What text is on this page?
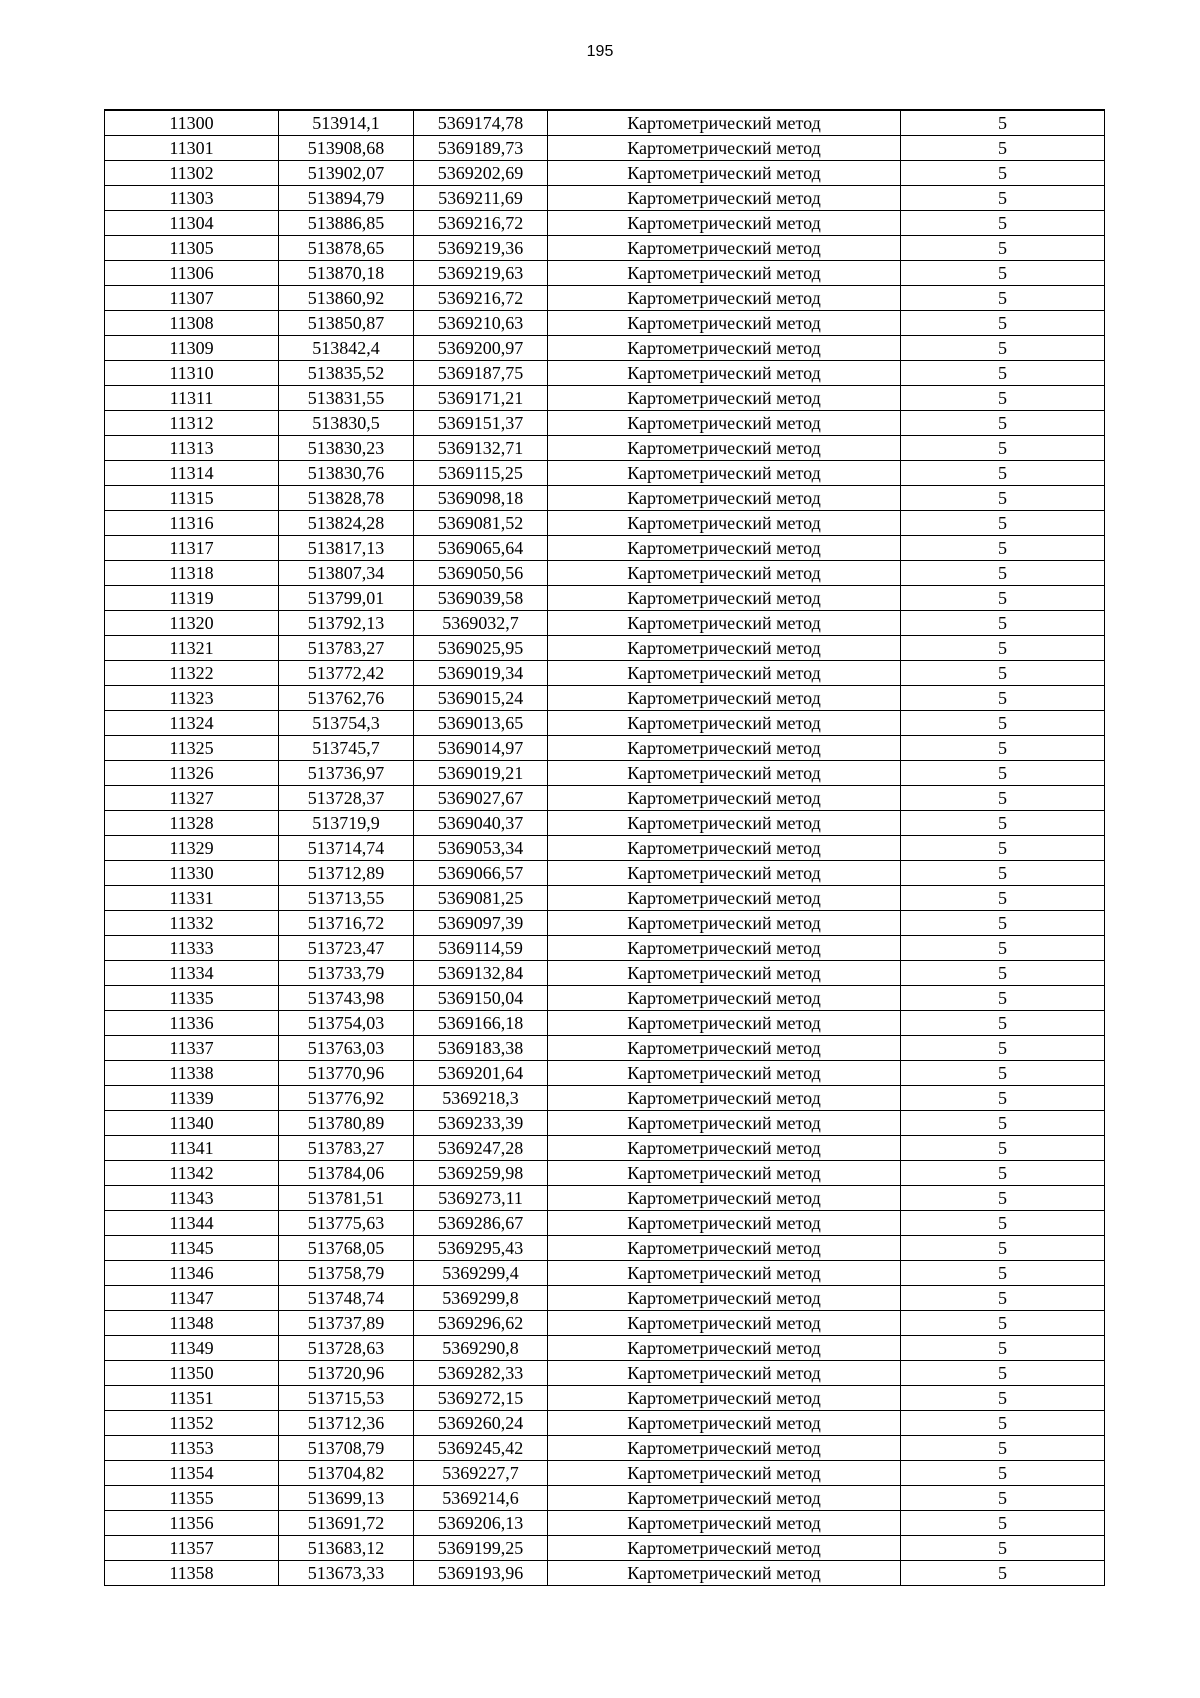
195
11300	513914,1	5369174,78	Картометрический метод	5
11301	513908,68	5369189,73	Картометрический метод	5
11302	513902,07	5369202,69	Картометрический метод	5
11303	513894,79	5369211,69	Картометрический метод	5
11304	513886,85	5369216,72	Картометрический метод	5
11305	513878,65	5369219,36	Картометрический метод	5
11306	513870,18	5369219,63	Картометрический метод	5
11307	513860,92	5369216,72	Картометрический метод	5
11308	513850,87	5369210,63	Картометрический метод	5
11309	513842,4	5369200,97	Картометрический метод	5
11310	513835,52	5369187,75	Картометрический метод	5
11311	513831,55	5369171,21	Картометрический метод	5
11312	513830,5	5369151,37	Картометрический метод	5
11313	513830,23	5369132,71	Картометрический метод	5
11314	513830,76	5369115,25	Картометрический метод	5
11315	513828,78	5369098,18	Картометрический метод	5
11316	513824,28	5369081,52	Картометрический метод	5
11317	513817,13	5369065,64	Картометрический метод	5
11318	513807,34	5369050,56	Картометрический метод	5
11319	513799,01	5369039,58	Картометрический метод	5
11320	513792,13	5369032,7	Картометрический метод	5
11321	513783,27	5369025,95	Картометрический метод	5
11322	513772,42	5369019,34	Картометрический метод	5
11323	513762,76	5369015,24	Картометрический метод	5
11324	513754,3	5369013,65	Картометрический метод	5
11325	513745,7	5369014,97	Картометрический метод	5
11326	513736,97	5369019,21	Картометрический метод	5
11327	513728,37	5369027,67	Картометрический метод	5
11328	513719,9	5369040,37	Картометрический метод	5
11329	513714,74	5369053,34	Картометрический метод	5
11330	513712,89	5369066,57	Картометрический метод	5
11331	513713,55	5369081,25	Картометрический метод	5
11332	513716,72	5369097,39	Картометрический метод	5
11333	513723,47	5369114,59	Картометрический метод	5
11334	513733,79	5369132,84	Картометрический метод	5
11335	513743,98	5369150,04	Картометрический метод	5
11336	513754,03	5369166,18	Картометрический метод	5
11337	513763,03	5369183,38	Картометрический метод	5
11338	513770,96	5369201,64	Картометрический метод	5
11339	513776,92	5369218,3	Картометрический метод	5
11340	513780,89	5369233,39	Картометрический метод	5
11341	513783,27	5369247,28	Картометрический метод	5
11342	513784,06	5369259,98	Картометрический метод	5
11343	513781,51	5369273,11	Картометрический метод	5
11344	513775,63	5369286,67	Картометрический метод	5
11345	513768,05	5369295,43	Картометрический метод	5
11346	513758,79	5369299,4	Картометрический метод	5
11347	513748,74	5369299,8	Картометрический метод	5
11348	513737,89	5369296,62	Картометрический метод	5
11349	513728,63	5369290,8	Картометрический метод	5
11350	513720,96	5369282,33	Картометрический метод	5
11351	513715,53	5369272,15	Картометрический метод	5
11352	513712,36	5369260,24	Картометрический метод	5
11353	513708,79	5369245,42	Картометрический метод	5
11354	513704,82	5369227,7	Картометрический метод	5
11355	513699,13	5369214,6	Картометрический метод	5
11356	513691,72	5369206,13	Картометрический метод	5
11357	513683,12	5369199,25	Картометрический метод	5
11358	513673,33	5369193,96	Картометрический метод	5
